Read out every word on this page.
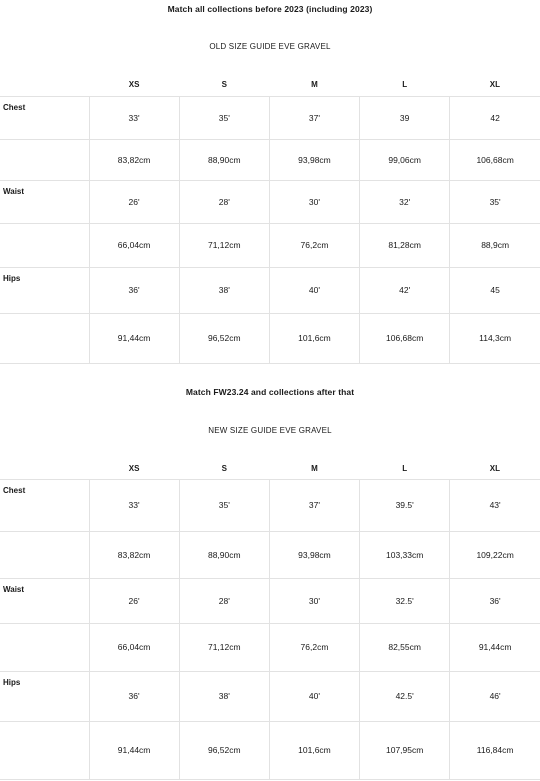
Match all collections before 2023 (including 2023)
OLD SIZE GUIDE EVE GRAVEL
	XS	S	M	L	XL
Chest	33'	35'	37'	39	42
	83,82cm	88,90cm	93,98cm	99,06cm	106,68cm
Waist	26'	28'	30'	32'	35'
	66,04cm	71,12cm	76,2cm	81,28cm	88,9cm
Hips	36'	38'	40'	42'	45
	91,44cm	96,52cm	101,6cm	106,68cm	114,3cm
Match FW23.24 and collections after that
NEW SIZE GUIDE EVE GRAVEL
	XS	S	M	L	XL
Chest	33'	35'	37'	39.5'	43'
	83,82cm	88,90cm	93,98cm	103,33cm	109,22cm
Waist	26'	28'	30'	32.5'	36'
	66,04cm	71,12cm	76,2cm	82,55cm	91,44cm
Hips	36'	38'	40'	42.5'	46'
	91,44cm	96,52cm	101,6cm	107,95cm	116,84cm
